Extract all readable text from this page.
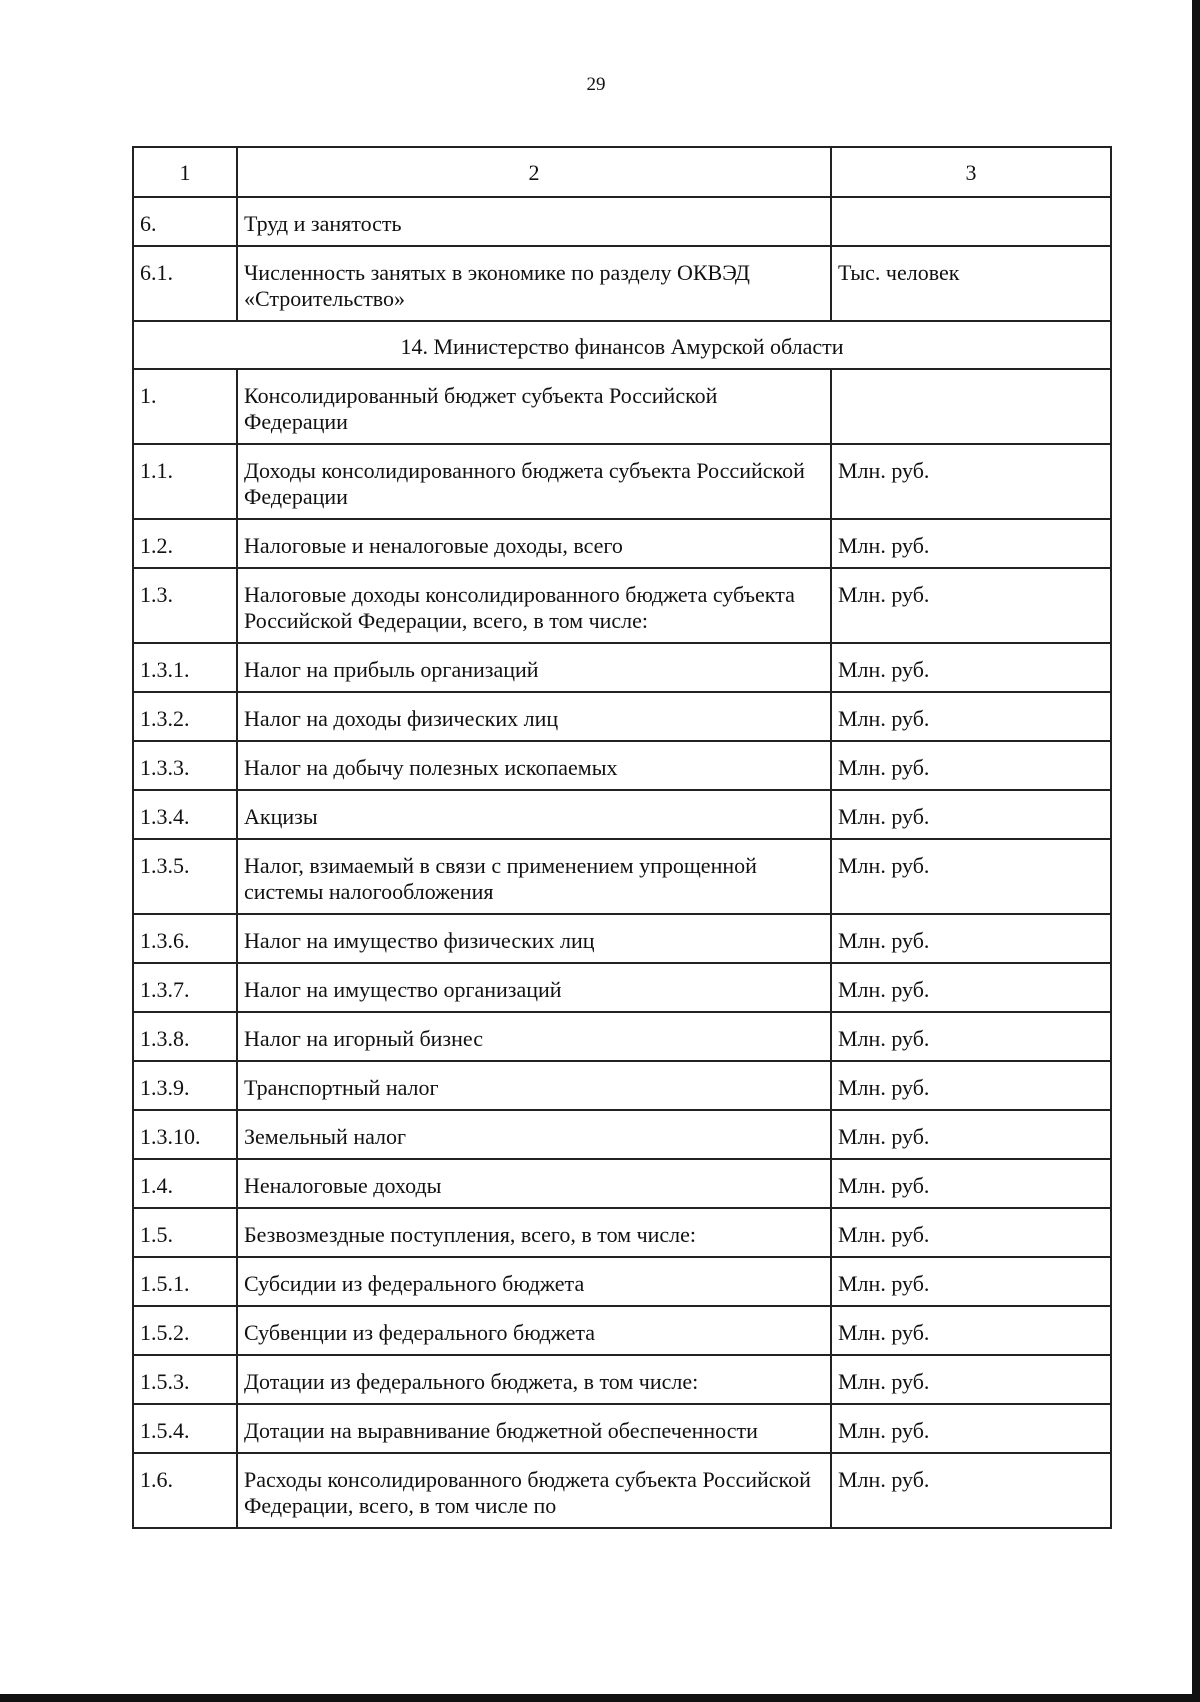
29
1	2	3
6.	Труд и занятость	
6.1.	Численность занятых в экономике по разделу ОКВЭД «Строительство»	Тыс. человек
14. Министерство финансов Амурской области		
1.	Консолидированный бюджет субъекта Российской Федерации	
1.1.	Доходы консолидированного бюджета субъекта Российской Федерации	Млн. руб.
1.2.	Налоговые и неналоговые доходы, всего	Млн. руб.
1.3.	Налоговые доходы консолидированного бюджета субъекта Российской Федерации, всего, в том числе:	Млн. руб.
1.3.1.	Налог на прибыль организаций	Млн. руб.
1.3.2.	Налог на доходы физических лиц	Млн. руб.
1.3.3.	Налог на добычу полезных ископаемых	Млн. руб.
1.3.4.	Акцизы	Млн. руб.
1.3.5.	Налог, взимаемый в связи с применением упрощенной системы налогообложения	Млн. руб.
1.3.6.	Налог на имущество физических лиц	Млн. руб.
1.3.7.	Налог на имущество организаций	Млн. руб.
1.3.8.	Налог на игорный бизнес	Млн. руб.
1.3.9.	Транспортный налог	Млн. руб.
1.3.10.	Земельный налог	Млн. руб.
1.4.	Неналоговые доходы	Млн. руб.
1.5.	Безвозмездные поступления, всего, в том числе:	Млн. руб.
1.5.1.	Субсидии из федерального бюджета	Млн. руб.
1.5.2.	Субвенции из федерального бюджета	Млн. руб.
1.5.3.	Дотации из федерального бюджета, в том числе:	Млн. руб.
1.5.4.	Дотации на выравнивание бюджетной обеспеченности	Млн. руб.
1.6.	Расходы консолидированного бюджета субъекта Российской Федерации, всего, в том числе по	Млн. руб.
